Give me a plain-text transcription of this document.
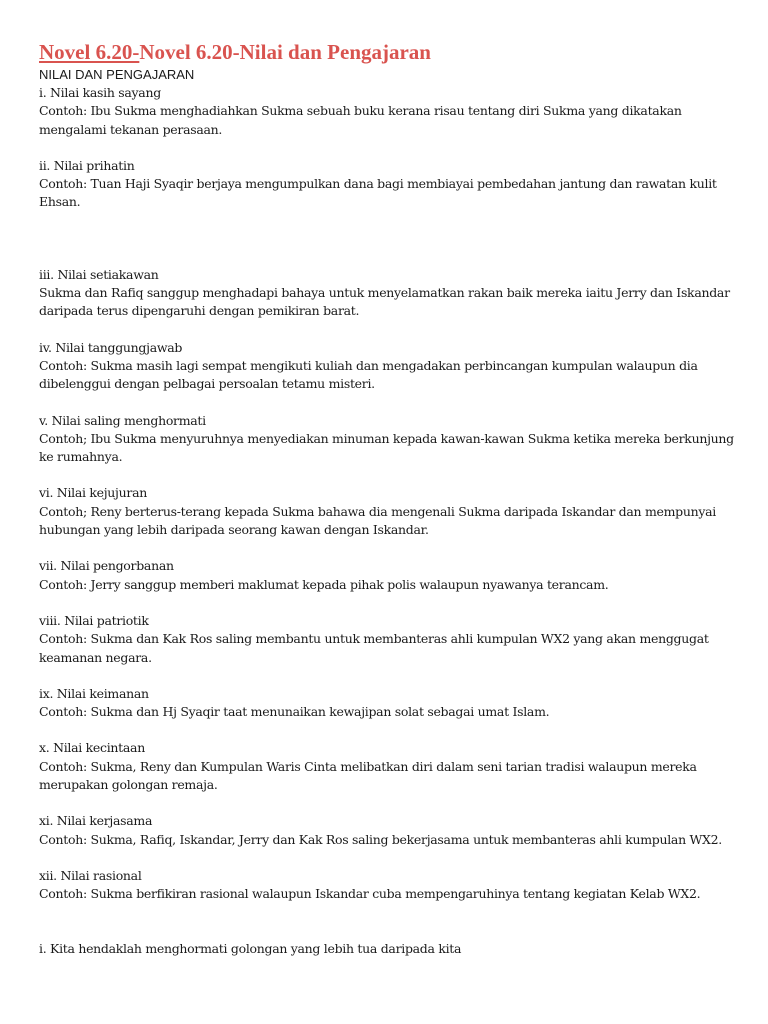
Novel 6.20-Novel 6.20-Nilai dan Pengajaran

NILAI DAN PENGAJARAN

i. Nilai kasih sayang

Contoh: Ibu Sukma menghadiahkan Sukma sebuah buku kerana risau tentang diri Sukma yang dikatakan mengalami tekanan perasaan.

ii. Nilai prihatin

Contoh: Tuan Haji Syaqir berjaya mengumpulkan dana bagi membiayai pembedahan jantung dan rawatan kulit Ehsan.

iii. Nilai setiakawan

Sukma dan Rafiq sanggup menghadapi bahaya untuk menyelamatkan rakan baik mereka iaitu Jerry dan Iskandar daripada terus dipengaruhi dengan pemikiran barat.

iv. Nilai tanggungjawab

Contoh: Sukma masih lagi sempat mengikuti kuliah dan mengadakan perbincangan kumpulan walaupun dia dibelenggui dengan pelbagai persoalan tetamu misteri.

v. Nilai saling menghormati

Contoh; Ibu Sukma menyuruhnya menyediakan minuman kepada kawan-kawan Sukma ketika mereka berkunjung ke rumahnya.

vi. Nilai kejujuran

Contoh; Reny berterus-terang kepada Sukma bahawa dia mengenali Sukma daripada Iskandar dan mempunyai hubungan yang lebih daripada seorang kawan dengan Iskandar.

vii. Nilai pengorbanan

Contoh: Jerry sanggup memberi maklumat kepada pihak polis walaupun nyawanya terancam.

viii. Nilai patriotik

Contoh: Sukma dan Kak Ros saling membantu untuk membanteras ahli kumpulan WX2 yang akan menggugat keamanan negara.

ix. Nilai keimanan

Contoh: Sukma dan Hj Syaqir taat menunaikan kewajipan solat sebagai umat Islam.

x. Nilai kecintaan

Contoh: Sukma, Reny dan Kumpulan Waris Cinta melibatkan diri dalam seni tarian tradisi walaupun mereka merupakan golongan remaja.

xi. Nilai kerjasama

Contoh: Sukma, Rafiq, Iskandar, Jerry dan Kak Ros saling bekerjasama untuk membanteras ahli kumpulan WX2.

xii. Nilai rasional

Contoh: Sukma berfikiran rasional walaupun Iskandar cuba mempengaruhinya tentang kegiatan Kelab WX2.

i. Kita hendaklah menghormati golongan yang lebih tua daripada kita
